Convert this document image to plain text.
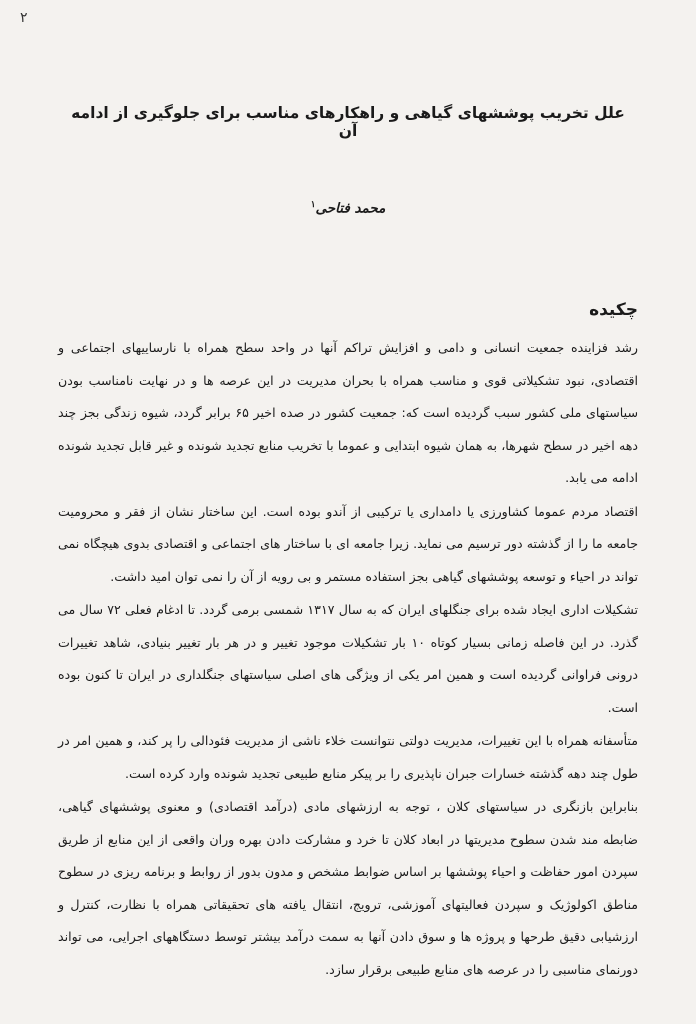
۲
علل تخریب پوششهای گیاهی و راهکارهای مناسب برای جلوگیری از ادامه آن
محمد فتاحی$^۱$
چکیده

رشد فزاینده جمعیت انسانی و دامی و افزایش تراکم آنها در واحد سطح همراه با نارساییهای اجتماعی و اقتصادی، نبود تشکیلاتی قوی و مناسب همراه با بحران مدیریت در این عرصه ها و در نهایت نامناسب بودن سیاستهای ملی کشور سبب گردیده است که: جمعیت کشور در صده اخیر ۶۵ برابر گردد، شیوه زندگی بجز چند دهه اخیر در سطح شهرها، به همان شیوه ابتدایی و عموما با تخریب منابع تجدید شونده و غیر قابل تجدید شونده ادامه می یابد.

اقتصاد مردم عموما کشاورزی یا دامداری یا ترکیبی از آندو بوده است. این ساختار نشان از فقر و محرومیت جامعه ما را از گذشته دور ترسیم می نماید. زیرا جامعه ای با ساختار های اجتماعی و اقتصادی بدوی هیچگاه نمی تواند در احیاء و توسعه پوششهای گیاهی بجز استفاده مستمر و بی رویه از آن را نمی توان امید داشت.

تشکیلات اداری ایجاد شده برای جنگلهای ایران که به سال ۱۳۱۷ شمسی برمی گردد. تا ادغام فعلی ۷۲ سال می گذرد. در این فاصله زمانی بسیار کوتاه ۱۰ بار تشکیلات موجود تغییر و در هر بار تغییر بنیادی، شاهد تغییرات درونی فراوانی گردیده است و همین امر یکی از ویژگی های اصلی سیاستهای جنگلداری در ایران تا کنون بوده است.

متأسفانه همراه با این تغییرات، مدیریت دولتی نتوانست خلاء ناشی از مدیریت فئودالی را پر کند، و همین امر در طول چند دهه گذشته خسارات جبران ناپذیری را بر پیکر منابع طبیعی تجدید شونده وارد کرده است.

بنابراین بازنگری در سیاستهای کلان ، توجه به ارزشهای مادی (درآمد اقتصادی) و معنوی پوششهای گیاهی، ضابطه مند شدن سطوح مدیریتها در ابعاد کلان تا خرد و مشارکت دادن بهره وران واقعی از این منابع از طریق سپردن امور حفاظت و احیاء پوششها بر اساس ضوابط مشخص و مدون بدور از روابط و برنامه ریزی در سطوح مناطق اکولوژیک و سپردن فعالیتهای آموزشی، ترویج، انتقال یافته های تحقیقاتی همراه با نظارت، کنترل و ارزشیابی دقیق طرحها و پروژه ها و سوق دادن آنها به سمت درآمد بیشتر توسط دستگاههای اجرایی، می تواند دورنمای مناسبی را در عرصه های منابع طبیعی برقرار سازد.
